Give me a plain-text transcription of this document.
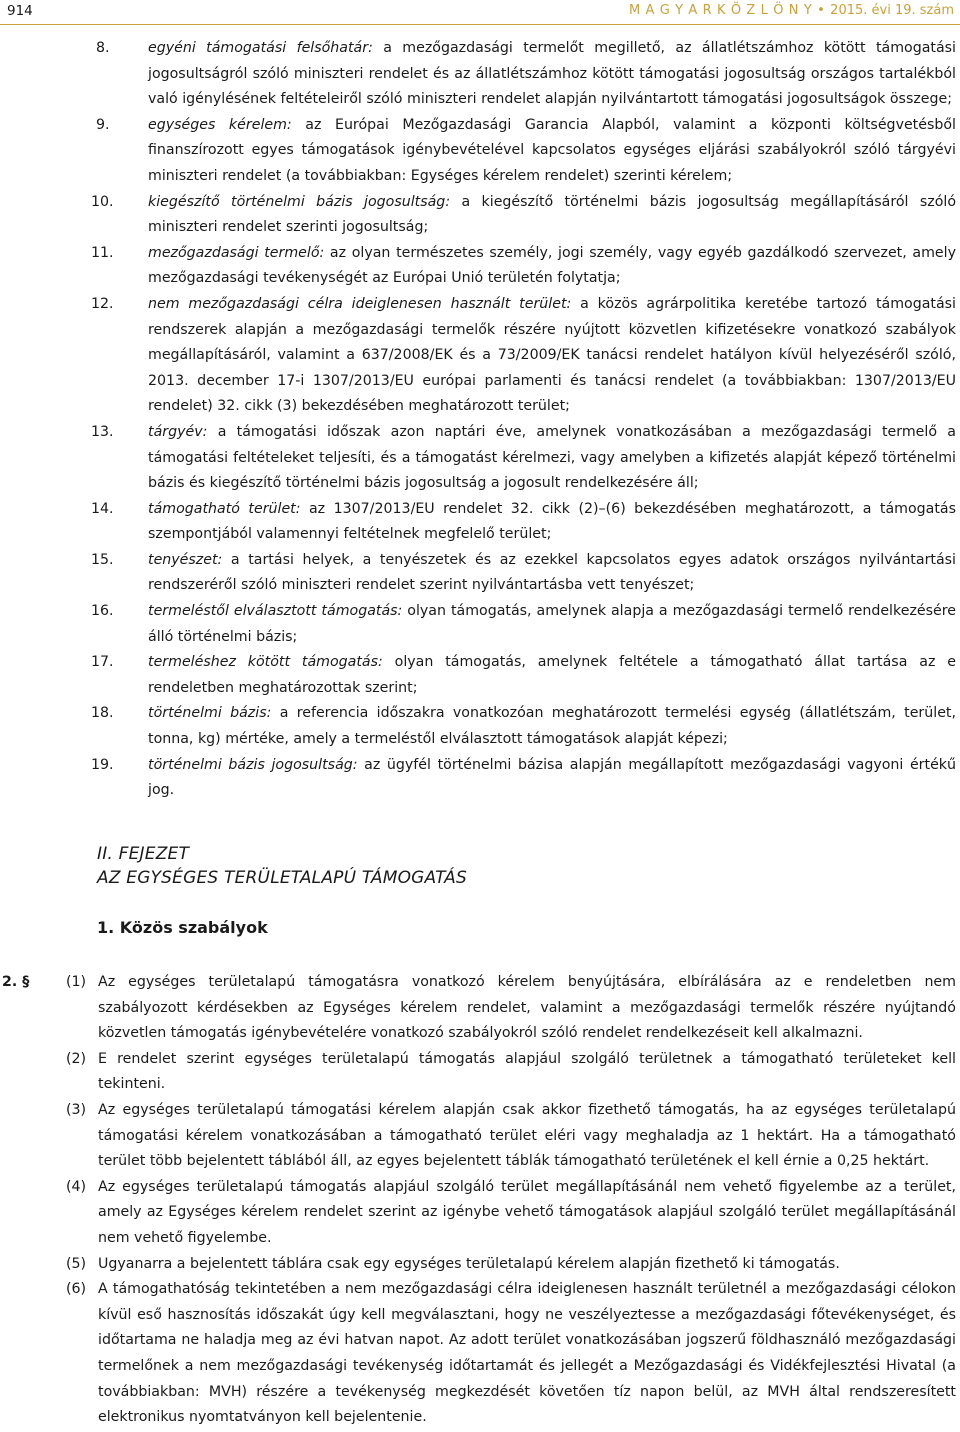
914	M A G Y A R K Ö Z L Ö N Y • 2015. évi 19. szám
8.	egyéni támogatási felsőhatár: a mezőgazdasági termelőt megillető, az állatlétszámhoz kötött támogatási jogosultságról szóló miniszteri rendelet és az állatlétszámhoz kötött támogatási jogosultság országos tartalékból való igénylésének feltételeiről szóló miniszteri rendelet alapján nyilvántartott támogatási jogosultságok összege;
9.	egységes kérelem: az Európai Mezőgazdasági Garancia Alapból, valamint a központi költségvetésből finanszírozott egyes támogatások igénybevételével kapcsolatos egységes eljárási szabályokról szóló tárgyévi miniszteri rendelet (a továbbiakban: Egységes kérelem rendelet) szerinti kérelem;
10. kiegészítő történelmi bázis jogosultság: a kiegészítő történelmi bázis jogosultság megállapításáról szóló miniszteri rendelet szerinti jogosultság;
11. mezőgazdasági termelő: az olyan természetes személy, jogi személy, vagy egyéb gazdálkodó szervezet, amely mezőgazdasági tevékenységét az Európai Unió területén folytatja;
12. nem mezőgazdasági célra ideiglenesen használt terület: a közös agrárpolitika keretébe tartozó támogatási rendszerek alapján a mezőgazdasági termelők részére nyújtott közvetlen kifizetésekre vonatkozó szabályok megállapításáról, valamint a 637/2008/EK és a 73/2009/EK tanácsi rendelet hatályon kívül helyezéséről szóló, 2013. december 17-i 1307/2013/EU európai parlamenti és tanácsi rendelet (a továbbiakban: 1307/2013/EU rendelet) 32. cikk (3) bekezdésében meghatározott terület;
13. tárgyév: a támogatási időszak azon naptári éve, amelynek vonatkozásában a mezőgazdasági termelő a támogatási feltételeket teljesíti, és a támogatást kérelmezi, vagy amelyben a kifizetés alapját képező történelmi bázis és kiegészítő történelmi bázis jogosultság a jogosult rendelkezésére áll;
14. támogatható terület: az 1307/2013/EU rendelet 32. cikk (2)–(6) bekezdésében meghatározott, a támogatás szempontjából valamennyi feltételnek megfelelő terület;
15. tenyészet: a tartási helyek, a tenyészetek és az ezekkel kapcsolatos egyes adatok országos nyilvántartási rendszeréről szóló miniszteri rendelet szerint nyilvántartásba vett tenyészet;
16. termeléstől elválasztott támogatás: olyan támogatás, amelynek alapja a mezőgazdasági termelő rendelkezésére álló történelmi bázis;
17. termeléshez kötött támogatás: olyan támogatás, amelynek feltétele a támogatható állat tartása az e rendeletben meghatározottak szerint;
18. történelmi bázis: a referencia időszakra vonatkozóan meghatározott termelési egység (állatlétszám, terület, tonna, kg) mértéke, amely a termeléstől elválasztott támogatások alapját képezi;
19. történelmi bázis jogosultság: az ügyfél történelmi bázisa alapján megállapított mezőgazdasági vagyoni értékű jog.
II. FEJEZET
AZ EGYSÉGES TERÜLETALAPÚ TÁMOGATÁS
1. Közös szabályok
2. §	(1) Az egységes területalapú támogatásra vonatkozó kérelem benyújtására, elbírálására az e rendeletben nem szabályozott kérdésekben az Egységes kérelem rendelet, valamint a mezőgazdasági termelők részére nyújtandó közvetlen támogatás igénybevételére vonatkozó szabályokról szóló rendelet rendelkezéseit kell alkalmazni.
(2) E rendelet szerint egységes területalapú támogatás alapjául szolgáló területnek a támogatható területeket kell tekinteni.
(3) Az egységes területalapú támogatási kérelem alapján csak akkor fizethető támogatás, ha az egységes területalapú támogatási kérelem vonatkozásában a támogatható terület eléri vagy meghaladja az 1 hektárt. Ha a támogatható terület több bejelentett táblából áll, az egyes bejelentett táblák támogatható területének el kell érnie a 0,25 hektárt.
(4) Az egységes területalapú támogatás alapjául szolgáló terület megállapításánál nem vehető figyelembe az a terület, amely az Egységes kérelem rendelet szerint az igénybe vehető támogatások alapjául szolgáló terület megállapításánál nem vehető figyelembe.
(5) Ugyanarra a bejelentett táblára csak egy egységes területalapú kérelem alapján fizethető ki támogatás.
(6) A támogathatóság tekintetében a nem mezőgazdasági célra ideiglenesen használt területnél a mezőgazdasági célokon kívül eső hasznosítás időszakát úgy kell megválasztani, hogy ne veszélyeztesse a mezőgazdasági főtevékenységet, és időtartama ne haladja meg az évi hatvan napot. Az adott terület vonatkozásában jogszerű földhasználó mezőgazdasági termelőnek a nem mezőgazdasági tevékenység időtartamát és jellegét a Mezőgazdasági és Vidékfejlesztési Hivatal (a továbbiakban: MVH) részére a tevékenység megkezdését követően tíz napon belül, az MVH által rendszeresített elektronikus nyomtatványon kell bejelentenie.
